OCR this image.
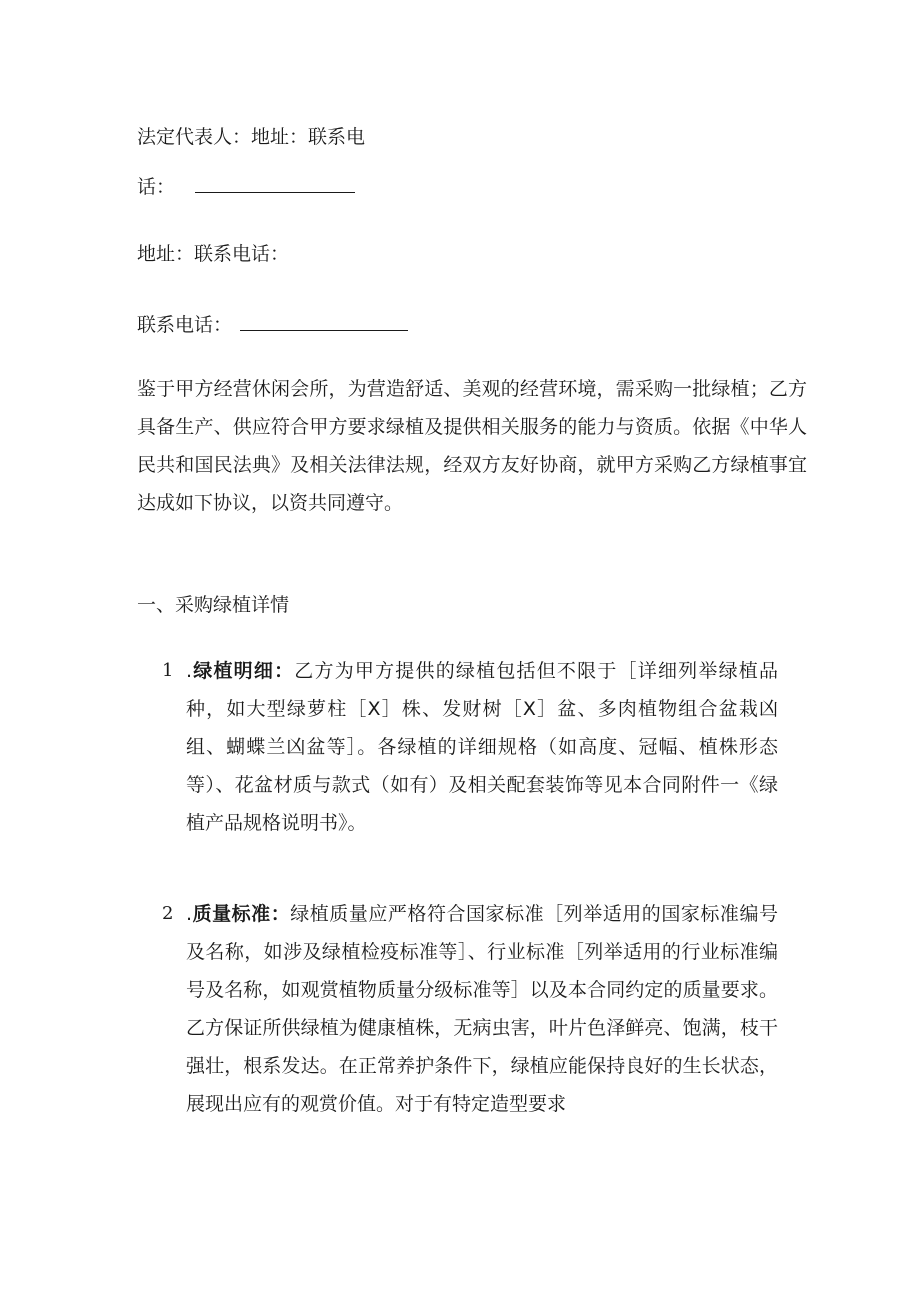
法定代表人：地址：联系电
话：
地址：联系电话：
联系电话：
鉴于甲方经营休闲会所，为营造舒适、美观的经营环境，需采购一批绿植；乙方具备生产、供应符合甲方要求绿植及提供相关服务的能力与资质。依据《中华人民共和国民法典》及相关法律法规，经双方友好协商，就甲方采购乙方绿植事宜达成如下协议，以资共同遵守。
一、采购绿植详情
1 .绿植明细：乙方为甲方提供的绿植包括但不限于［详细列举绿植品种，如大型绿萝柱［X］株、发财树［X］盆、多肉植物组合盆栽凶组、蝴蝶兰凶盆等］。各绿植的详细规格（如高度、冠幅、植株形态等）、花盆材质与款式（如有）及相关配套装饰等见本合同附件一《绿植产品规格说明书》。
2 .质量标准：绿植质量应严格符合国家标准［列举适用的国家标准编号及名称，如涉及绿植检疫标准等］、行业标准［列举适用的行业标准编号及名称，如观赏植物质量分级标准等］以及本合同约定的质量要求。乙方保证所供绿植为健康植株，无病虫害，叶片色泽鲜亮、饱满，枝干强壮，根系发达。在正常养护条件下，绿植应能保持良好的生长状态，展现出应有的观赏价值。对于有特定造型要求
